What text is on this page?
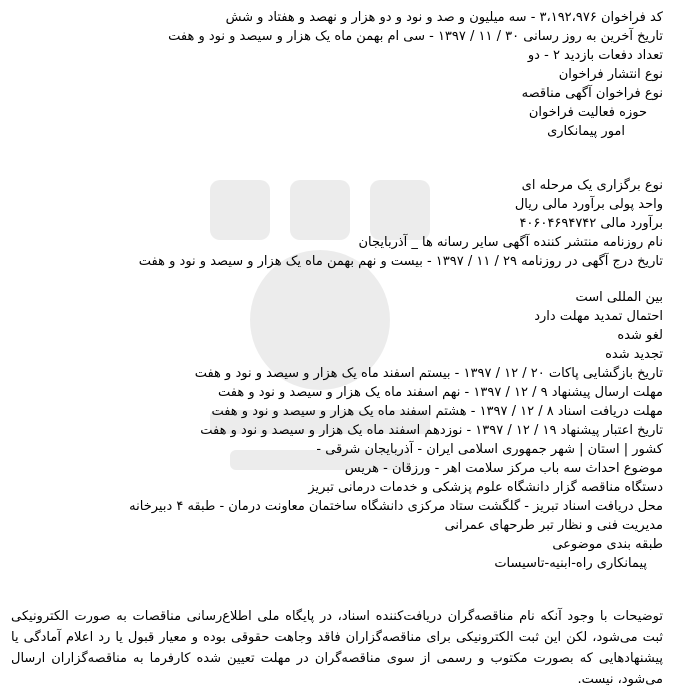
کد فراخوان ۳،۱۹۲،۹۷۶ - سه میلیون و صد و نود و دو هزار و نهصد و هفتاد و شش
تاریخ آخرین به روز رسانی ۳۰ / ۱۱ / ۱۳۹۷ - سی ام بهمن ماه یک هزار و سیصد و نود و هفت
تعداد دفعات بازدید ۲ - دو
نوع انتشار فراخوان
نوع فراخوان آگهی مناقصه
حوزه فعالیت فراخوان
امور پیمانکاری
نوع برگزاری یک مرحله ای
واحد پولی برآورد مالی ریال
برآورد مالی ۴۰۶۰۴۶۹۴۷۴۲
نام روزنامه منتشر کننده آگهی سایر رسانه ها _ آذربایجان
تاریخ درج آگهی در روزنامه ۲۹ / ۱۱ / ۱۳۹۷ - بیست و نهم بهمن ماه یک هزار و سیصد و نود و هفت
بین المللی است
احتمال تمدید مهلت دارد
لغو شده
تجدید شده
تاریخ بازگشایی پاکات ۲۰ / ۱۲ / ۱۳۹۷ - بیستم اسفند ماه یک هزار و سیصد و نود و هفت
مهلت ارسال پیشنهاد ۹ / ۱۲ / ۱۳۹۷ - نهم اسفند ماه یک هزار و سیصد و نود و هفت
مهلت دریافت اسناد ۸ / ۱۲ / ۱۳۹۷ - هشتم اسفند ماه یک هزار و سیصد و نود و هفت
تاریخ اعتبار پیشنهاد ۱۹ / ۱۲ / ۱۳۹۷ - نوزدهم اسفند ماه یک هزار و سیصد و نود و هفت
کشور | استان | شهر جمهوری اسلامی ایران - آذربایجان شرقی -
موضوع احداث سه باب مرکز سلامت اهر - ورزقان - هریس
دستگاه مناقصه گزار دانشگاه علوم پزشکی و خدمات درمانی تبریز
محل دریافت اسناد تبریز - گلگشت ستاد مرکزی دانشگاه ساختمان معاونت درمان - طبقه ۴ دبیرخانه
مدیریت فنی و نظار تبر طرحهای عمرانی
طبقه بندی موضوعی
پیمانکاری راه-ابنیه-تاسیسات
توضیحات با وجود آنکه نام مناقصه‌گران دریافت‌کننده اسناد، در پایگاه ملی اطلاع‌رسانی مناقصات به صورت الکترونیکی ثبت می‌شود، لکن این ثبت الکترونیکی برای مناقصه‌گزاران فاقد وجاهت حقوقی بوده و معیار قبول یا رد اعلام آمادگی یا پیشنهادهایی که بصورت مکتوب و رسمی از سوی مناقصه‌گران در مهلت تعیین شده کارفرما به مناقصه‌گزاران ارسال می‌شود، نیست.
